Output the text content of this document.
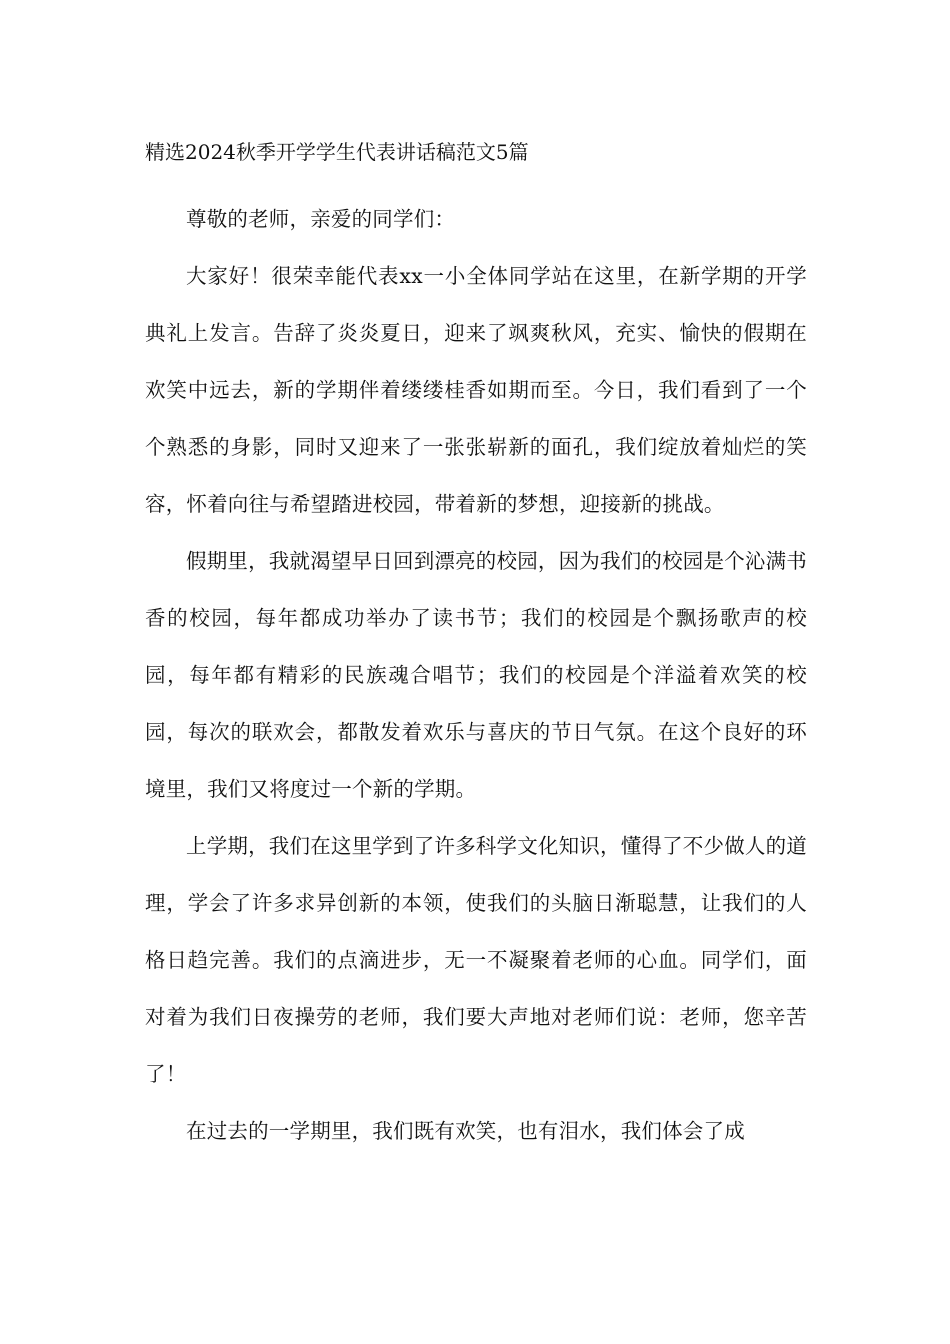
精选2024秋季开学学生代表讲话稿范文5篇

尊敬的老师，亲爱的同学们：

大家好！很荣幸能代表xx一小全体同学站在这里，在新学期的开学典礼上发言。告辞了炎炎夏日，迎来了飒爽秋风，充实、愉快的假期在欢笑中远去，新的学期伴着缕缕桂香如期而至。今日，我们看到了一个个熟悉的身影，同时又迎来了一张张崭新的面孔，我们绽放着灿烂的笑容，怀着向往与希望踏进校园，带着新的梦想，迎接新的挑战。

假期里，我就渴望早日回到漂亮的校园，因为我们的校园是个沁满书香的校园，每年都成功举办了读书节；我们的校园是个飘扬歌声的校园，每年都有精彩的民族魂合唱节；我们的校园是个洋溢着欢笑的校园，每次的联欢会，都散发着欢乐与喜庆的节日气氛。在这个良好的环境里，我们又将度过一个新的学期。

上学期，我们在这里学到了许多科学文化知识，懂得了不少做人的道理，学会了许多求异创新的本领，使我们的头脑日渐聪慧，让我们的人格日趋完善。我们的点滴进步，无一不凝聚着老师的心血。同学们，面对着为我们日夜操劳的老师，我们要大声地对老师们说：老师，您辛苦了！

在过去的一学期里，我们既有欢笑，也有泪水，我们体会了成
